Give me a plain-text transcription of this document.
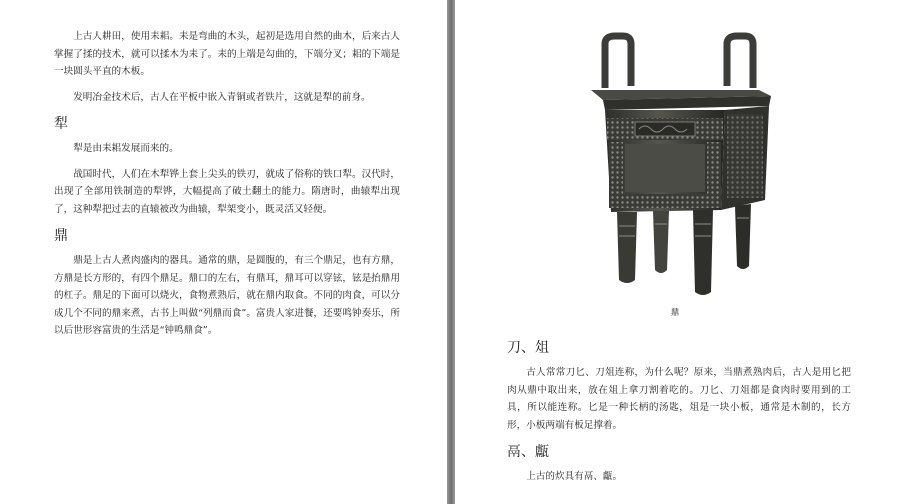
上古人耕田，使用耒耜。耒是弯曲的木头，起初是选用自然的曲木，后来古人掌握了揉的技术，就可以揉木为耒了。耒的上端是勾曲的，下端分叉；耜的下端是一块圆头平直的木板。

发明冶金技术后，古人在平板中嵌入青铜或者铁片，这就是犁的前身。

犁

犁是由耒耜发展而来的。

战国时代，人们在木犁铧上套上尖头的铁刃，就成了俗称的铁口犁。汉代时，出现了全部用铁制造的犁铧，大幅提高了破土翻土的能力。隋唐时，曲辕犁出现了，这种犁把过去的直辕被改为曲辕，犁架变小，既灵活又轻便。

鼎

鼎是上古人煮肉盛肉的器具。通常的鼎，是圆腹的，有三个鼎足，也有方鼎，方鼎是长方形的，有四个鼎足。鼎口的左右，有鼎耳，鼎耳可以穿铉，铉是抬鼎用的杠子。鼎足的下面可以烧火，食物煮熟后，就在鼎内取食。不同的肉食，可以分成几个不同的鼎来煮，古书上叫做“列鼎而食”。富贵人家进餐，还要鸣钟奏乐，所以后世形容富贵的生活是“钟鸣鼎食”。

鼎
刀、俎

古人常常刀匕、刀俎连称，为什么呢？原来，当鼎煮熟肉后，古人是用匕把肉从鼎中取出来，放在俎上拿刀割着吃的。刀匕、刀俎都是食肉时要用到的工具，所以能连称。匕是一种长柄的汤匙，俎是一块小板，通常是木制的，长方形，小板两端有板足撑着。

鬲、甗

上古的炊具有鬲、甗。
